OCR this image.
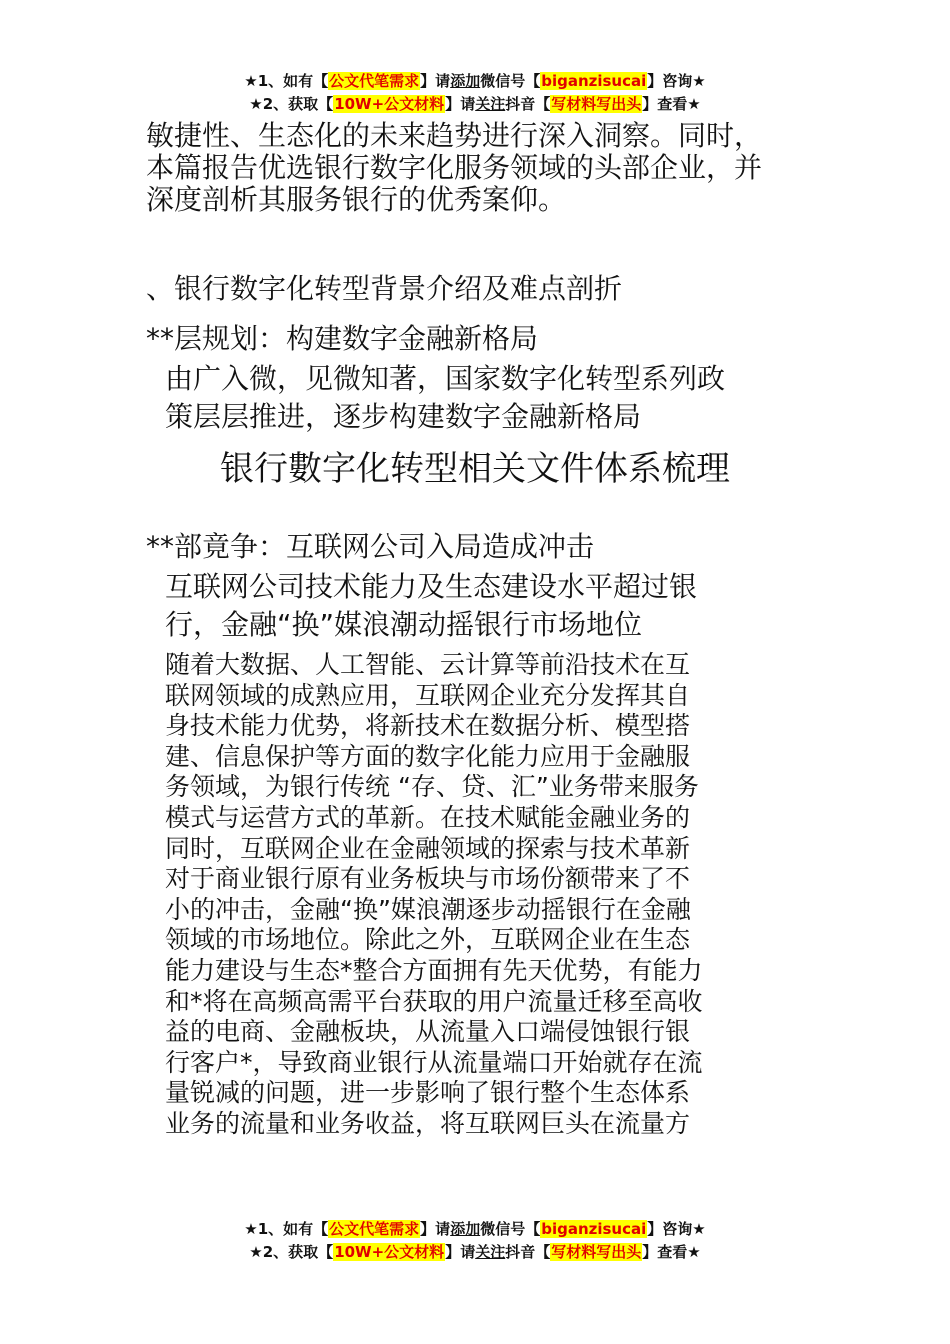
★1、如有【公文代笔需求】请添加微信号【biganzisucai】咨询★
★2、获取【10W+公文材料】请关注抖音【写材料写出头】查看★
敏捷性、生态化的未来趋势进行深入洞察。同时，
本篇报告优选银行数字化服务领域的头部企业，并
深度剖析其服务银行的优秀案仰。
、银行数字化转型背景介绍及难点剖折
**层规划：构建数字金融新格局
由广入微，见微知著，国家数字化转型系列政
策层层推进，逐步构建数字金融新格局
银行數字化转型相关文件体系梳理
**部竟争：互联网公司入局造成冲击
互联网公司技术能力及生态建设水平超过银
行，金融“换”媒浪潮动摇银行市场地位
随着大数据、人工智能、云计算等前沿技术在互
联网领域的成熟应用，互联网企业充分发挥其自
身技术能力优势，将新技术在数据分析、模型搭
建、信息保护等方面的数字化能力应用于金融服
务领域，为银行传统 “存、贷、汇”业务带来服务
模式与运营方式的革新。在技术赋能金融业务的
同时，互联网企业在金融领域的探索与技术革新
对于商业银行原有业务板块与市场份额带来了不
小的冲击，金融“换”媒浪潮逐步动摇银行在金融
领域的市场地位。除此之外，互联网企业在生态
能力建设与生态*整合方面拥有先天优势，有能力
和*将在高频高需平台获取的用户流量迁移至高收
益的电商、金融板块，从流量入口端侵蚀银行银
行客户*，导致商业银行从流量端口开始就存在流
量锐减的问题，进一步影响了银行整个生态体系
业务的流量和业务收益，将互联网巨头在流量方
★1、如有【公文代笔需求】请添加微信号【biganzisucai】咨询★
★2、获取【10W+公文材料】请关注抖音【写材料写出头】查看★
